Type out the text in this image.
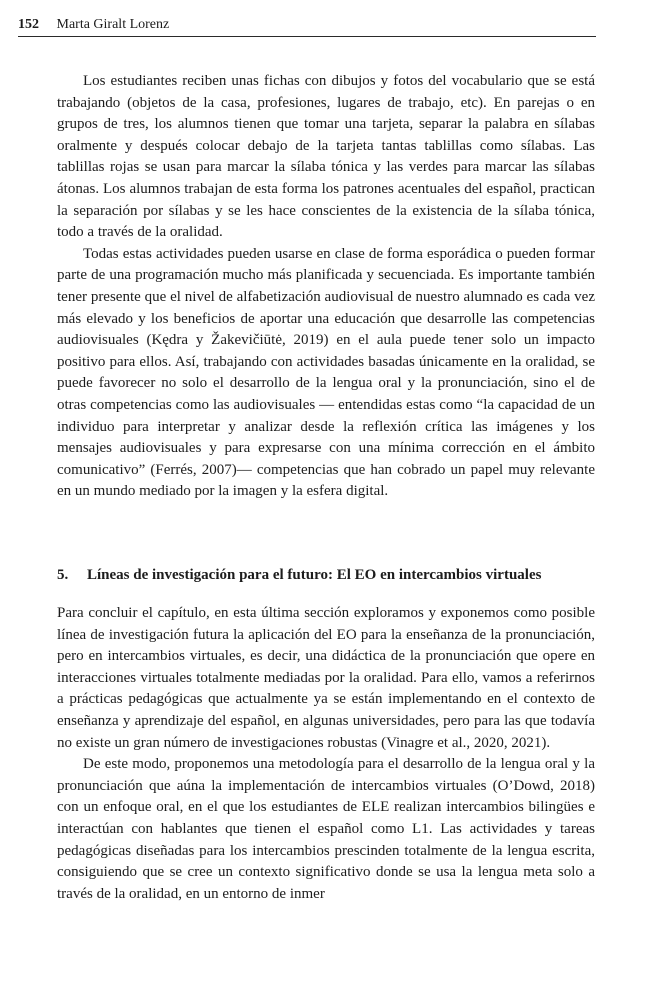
152 Marta Giralt Lorenz

Los estudiantes reciben unas fichas con dibujos y fotos del vocabulario que se está trabajando (objetos de la casa, profesiones, lugares de trabajo, etc). En parejas o en grupos de tres, los alumnos tienen que tomar una tarjeta, separar la palabra en sílabas oralmente y después colocar debajo de la tarjeta tantas tablillas como sílabas. Las tablillas rojas se usan para marcar la sílaba tónica y las verdes para marcar las sílabas átonas. Los alumnos trabajan de esta forma los patrones acentuales del español, practican la separación por sílabas y se les hace conscientes de la existencia de la sílaba tónica, todo a través de la oralidad.

Todas estas actividades pueden usarse en clase de forma esporádica o pueden formar parte de una programación mucho más planificada y secuenciada. Es importante también tener presente que el nivel de alfabetización audiovisual de nuestro alumnado es cada vez más elevado y los beneficios de aportar una educación que desarrolle las competencias audiovisuales (Kędra y Žakevičiūtė, 2019) en el aula puede tener solo un impacto positivo para ellos. Así, trabajando con actividades basadas únicamente en la oralidad, se puede favorecer no solo el desarrollo de la lengua oral y la pronunciación, sino el de otras competencias como las audiovisuales — entendidas estas como “la capacidad de un individuo para interpretar y analizar desde la reflexión crítica las imágenes y los mensajes audiovisuales y para expresarse con una mínima corrección en el ámbito comunicativo” (Ferrés, 2007)— competencias que han cobrado un papel muy relevante en un mundo mediado por la imagen y la esfera digital.

5. Líneas de investigación para el futuro: El EO en intercambios virtuales

Para concluir el capítulo, en esta última sección exploramos y exponemos como posible línea de investigación futura la aplicación del EO para la enseñanza de la pronunciación, pero en intercambios virtuales, es decir, una didáctica de la pronunciación que opere en interacciones virtuales totalmente mediadas por la oralidad. Para ello, vamos a referirnos a prácticas pedagógicas que actualmente ya se están implementando en el contexto de enseñanza y aprendizaje del español, en algunas universidades, pero para las que todavía no existe un gran número de investigaciones robustas (Vinagre et al., 2020, 2021).

De este modo, proponemos una metodología para el desarrollo de la lengua oral y la pronunciación que aúna la implementación de intercambios virtuales (O’Dowd, 2018) con un enfoque oral, en el que los estudiantes de ELE realizan intercambios bilingües e interactúan con hablantes que tienen el español como L1. Las actividades y tareas pedagógicas diseñadas para los intercambios prescinden totalmente de la lengua escrita, consiguiendo que se cree un contexto significativo donde se usa la lengua meta solo a través de la oralidad, en un entorno de inmer
